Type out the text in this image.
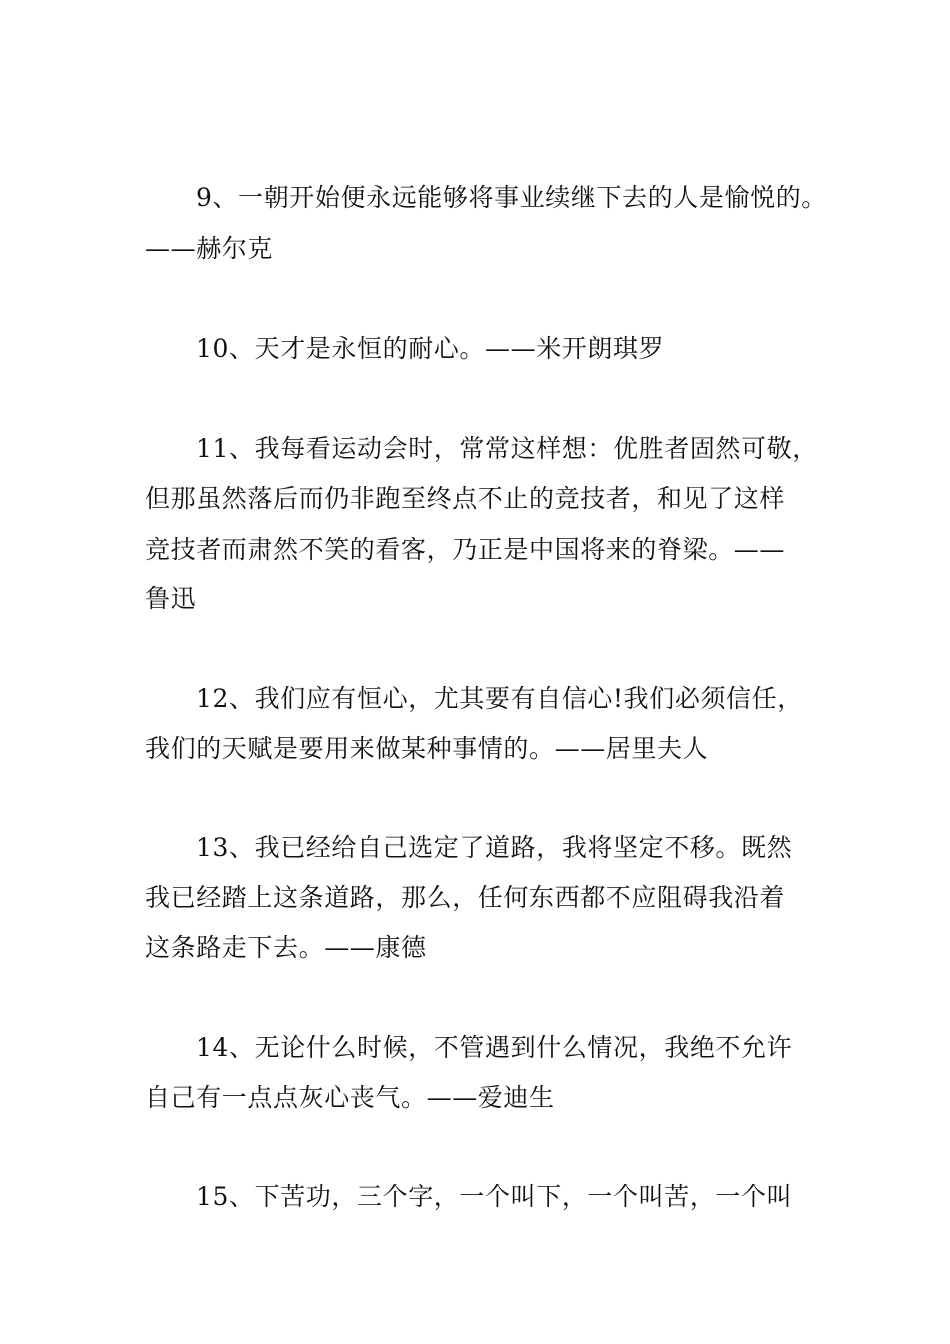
9、一朝开始便永远能够将事业续继下去的人是愉悦的。
——赫尔克
10、天才是永恒的耐心。——米开朗琪罗
11、我每看运动会时，常常这样想：优胜者固然可敬，
但那虽然落后而仍非跑至终点不止的竞技者，和见了这样
竞技者而肃然不笑的看客，乃正是中国将来的脊梁。——
鲁迅
12、我们应有恒心，尤其要有自信心!我们必须信任，
我们的天赋是要用来做某种事情的。——居里夫人
13、我已经给自己选定了道路，我将坚定不移。既然
我已经踏上这条道路，那么，任何东西都不应阻碍我沿着
这条路走下去。——康德
14、无论什么时候，不管遇到什么情况，我绝不允许
自己有一点点灰心丧气。——爱迪生
15、下苦功，三个字，一个叫下，一个叫苦，一个叫
